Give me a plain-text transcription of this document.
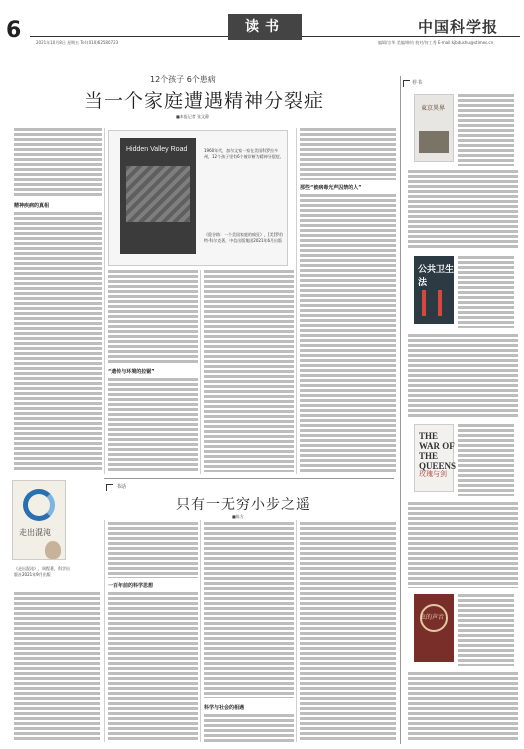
6	2021年10月8日 星期五 Tel:(010)62580723
读书	中国科学报
编辑/宗华 美编/韩钧 校对/何工秀 E-mail:kjbdushu@stimes.cn
12个孩子 6个患病
当一个家庭遭遇精神分裂症
■本报记者 张文静
精神疾病的真相
Hidden Valley Road	1960年代，加尔文家一家在美国科罗拉多州，12个孩子里有6个被诊断为精神分裂症。
《隐谷路：一个美国家庭的疯狂》，[美]罗伯特·科尔克著，中信出版集团2021年6月出版
“遗传与环境的拉锯”
那些“被病毒光声囚禁的人”
书话
只有一无穷小步之遥
■陈方
走出混沌
《走出混沌》，周程著，科学出版社2021年9月出版
一百年前的科学思想
科学与社会的相遇
荐书
東京異界
公共卫生法
THE WAR OF THE QUEENS
玫瑰与剑
虫的声音
